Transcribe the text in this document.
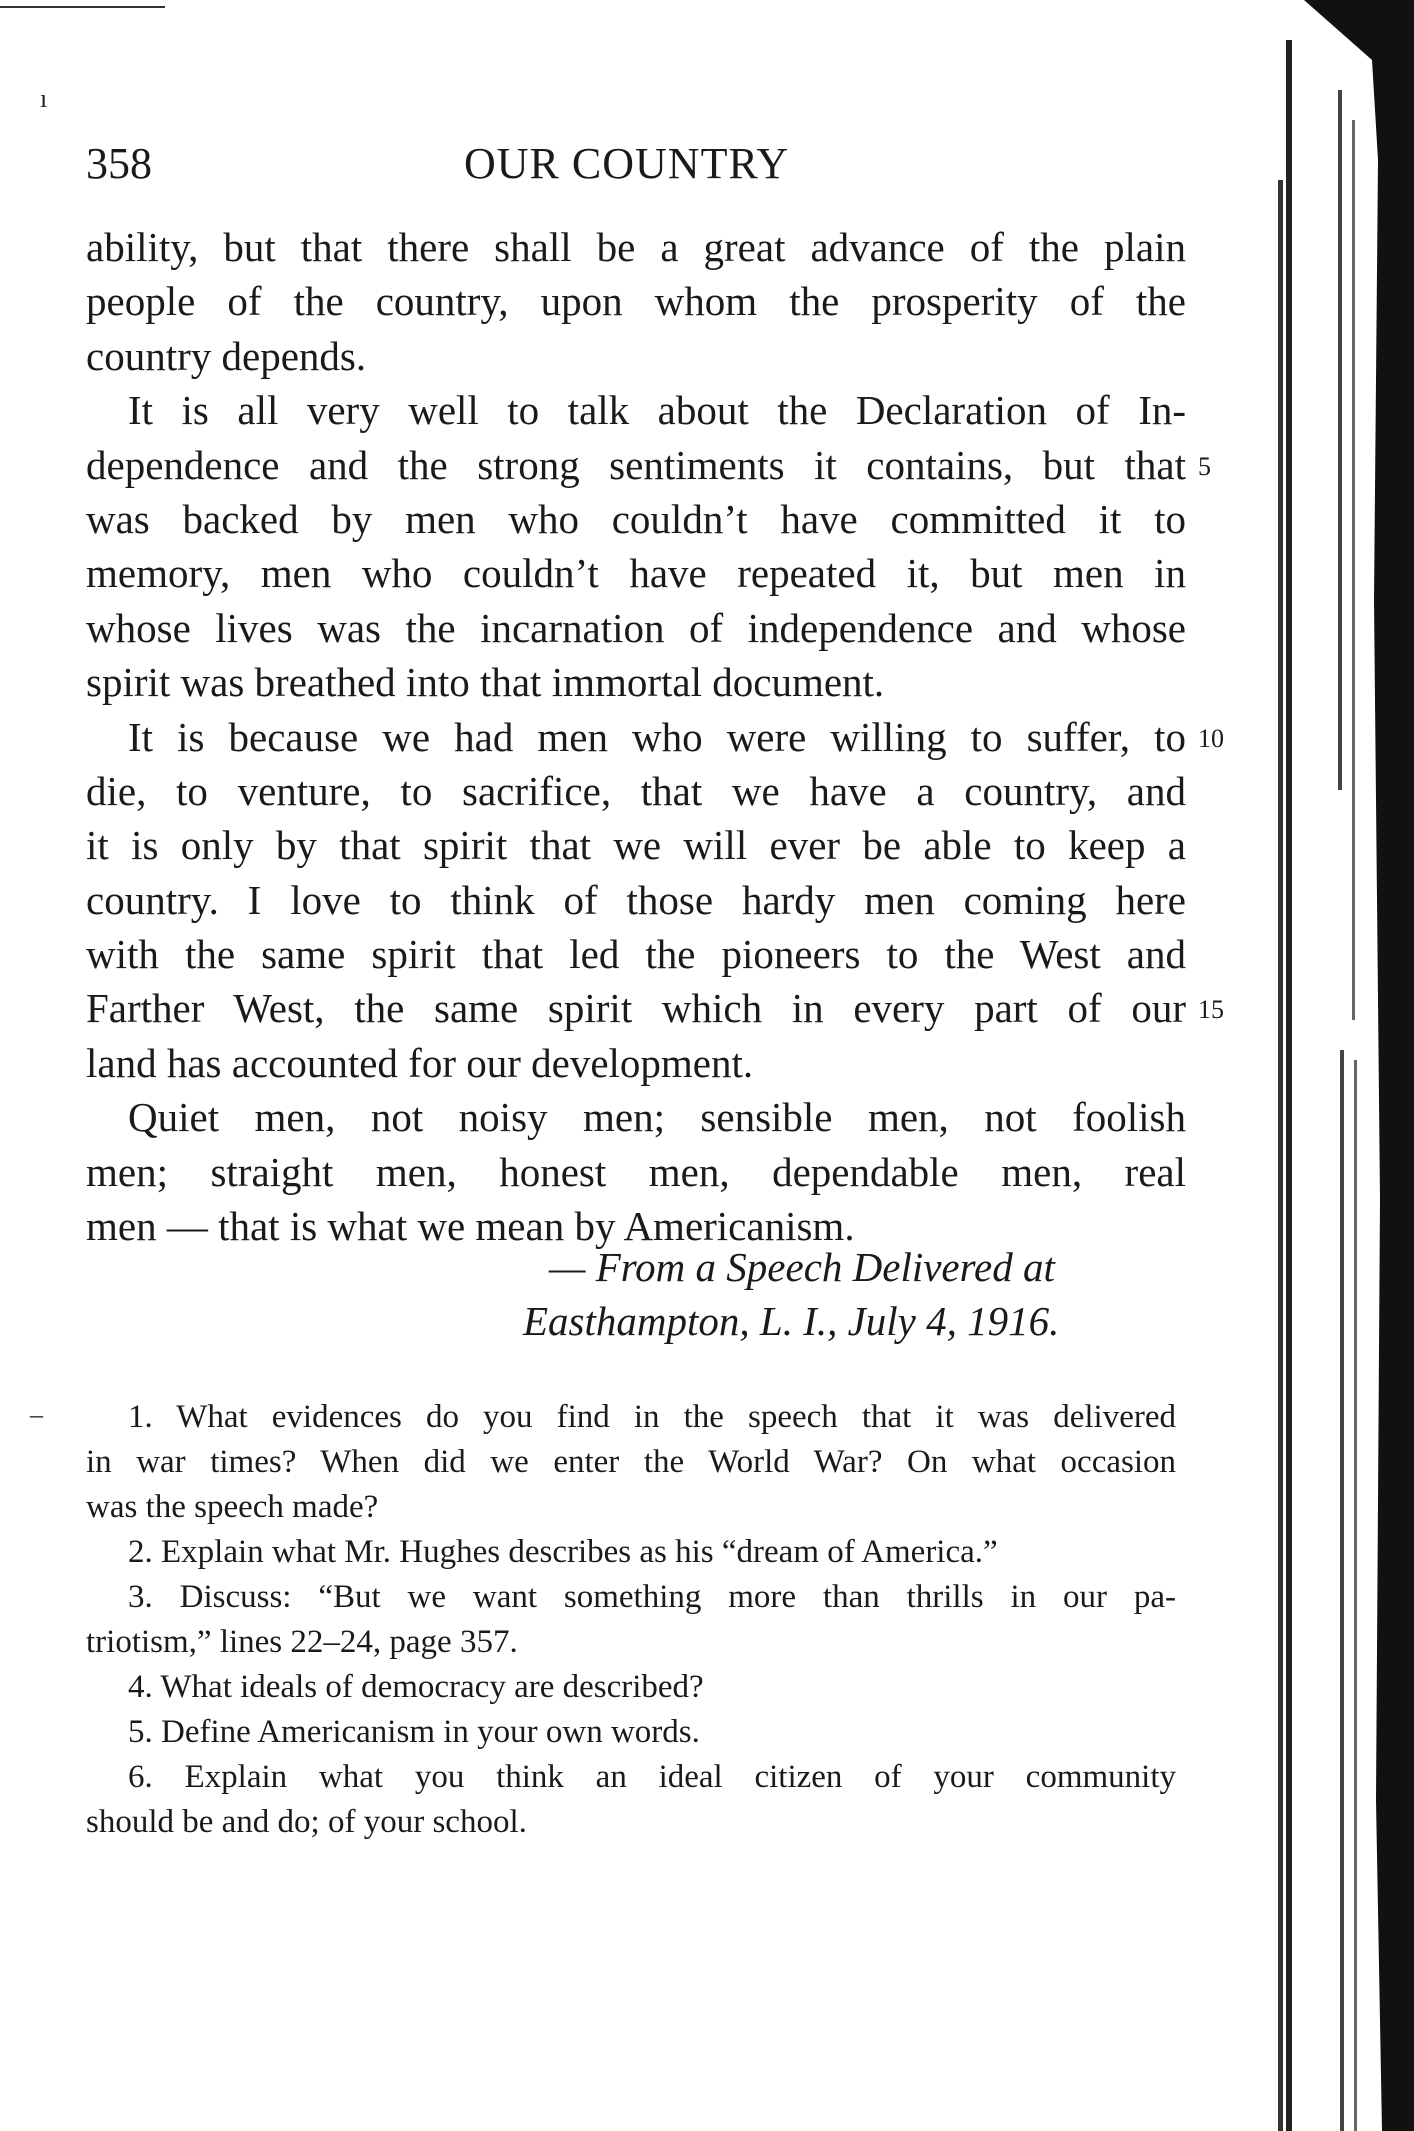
ı
–
358	OUR COUNTRY
ability, but that there shall be a great advance of the plain
people of the country, upon whom the prosperity of the
country depends.
It is all very well to talk about the Declaration of In-
dependence and the strong sentiments it contains, but that 5
was backed by men who couldn’t have committed it to
memory, men who couldn’t have repeated it, but men in
whose lives was the incarnation of independence and whose
spirit was breathed into that immortal document.
It is because we had men who were willing to suffer, to 10
die, to venture, to sacrifice, that we have a country, and
it is only by that spirit that we will ever be able to keep a
country. I love to think of those hardy men coming here
with the same spirit that led the pioneers to the West and
Farther West, the same spirit which in every part of our 15
land has accounted for our development.
Quiet men, not noisy men; sensible men, not foolish
men; straight men, honest men, dependable men, real
men — that is what we mean by Americanism.
— From a Speech Delivered at
Easthampton, L. I., July 4, 1916.
1. What evidences do you find in the speech that it was delivered
in war times? When did we enter the World War? On what occasion
was the speech made?
2. Explain what Mr. Hughes describes as his “dream of America.”
3. Discuss: “But we want something more than thrills in our pa-
triotism,” lines 22–24, page 357.
4. What ideals of democracy are described?
5. Define Americanism in your own words.
6. Explain what you think an ideal citizen of your community
should be and do; of your school.
